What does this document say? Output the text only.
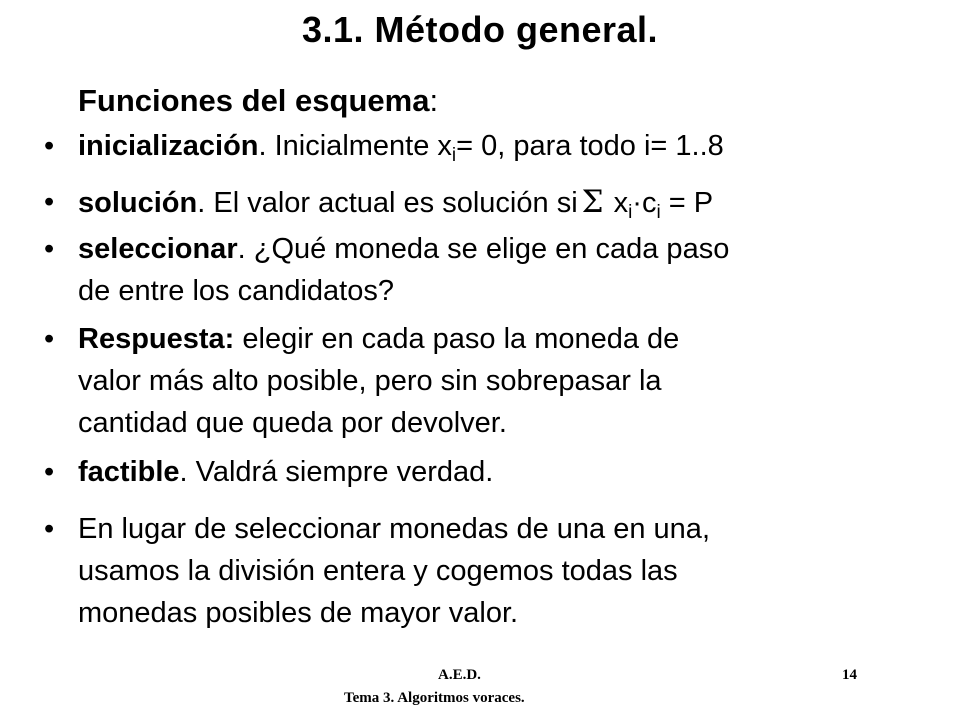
3.1. Método general.
Funciones del esquema:
• inicialización. Inicialmente $x_i= 0$, para todo i= 1..8
• solución. El valor actual es solución si Σ $x_i\cdot c_i = P$
• seleccionar. ¿Qué moneda se elige en cada paso
de entre los candidatos?
• Respuesta: elegir en cada paso la moneda de
valor más alto posible, pero sin sobrepasar la
cantidad que queda por devolver.
• factible. Valdrá siempre verdad.
• En lugar de seleccionar monedas de una en una,
usamos la división entera y cogemos todas las
monedas posibles de mayor valor.
A.E.D.
Tema 3. Algoritmos voraces.
14
